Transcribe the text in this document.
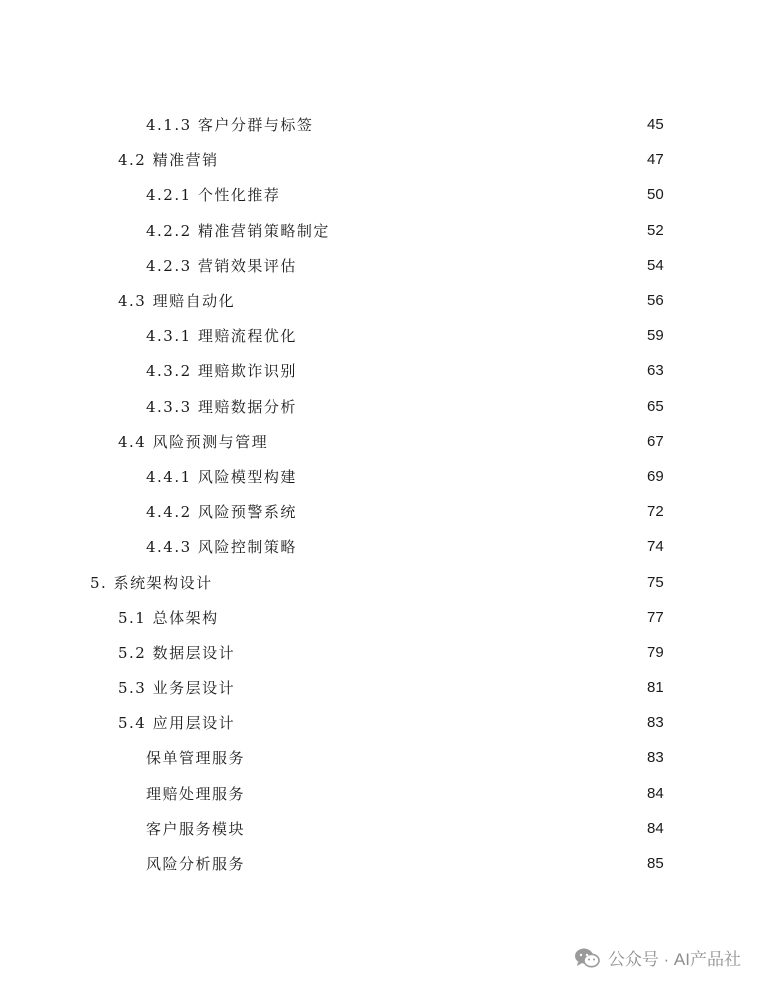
4.1.3 客户分群与标签	45
4.2 精准营销	47
4.2.1 个性化推荐	50
4.2.2 精准营销策略制定	52
4.2.3 营销效果评估	54
4.3 理赔自动化	56
4.3.1 理赔流程优化	59
4.3.2 理赔欺诈识别	63
4.3.3 理赔数据分析	65
4.4 风险预测与管理	67
4.4.1 风险模型构建	69
4.4.2 风险预警系统	72
4.4.3 风险控制策略	74
5. 系统架构设计	75
5.1 总体架构	77
5.2 数据层设计	79
5.3 业务层设计	81
5.4 应用层设计	83
保单管理服务	83
理赔处理服务	84
客户服务模块	84
风险分析服务	85
公众号 · AI产品社
